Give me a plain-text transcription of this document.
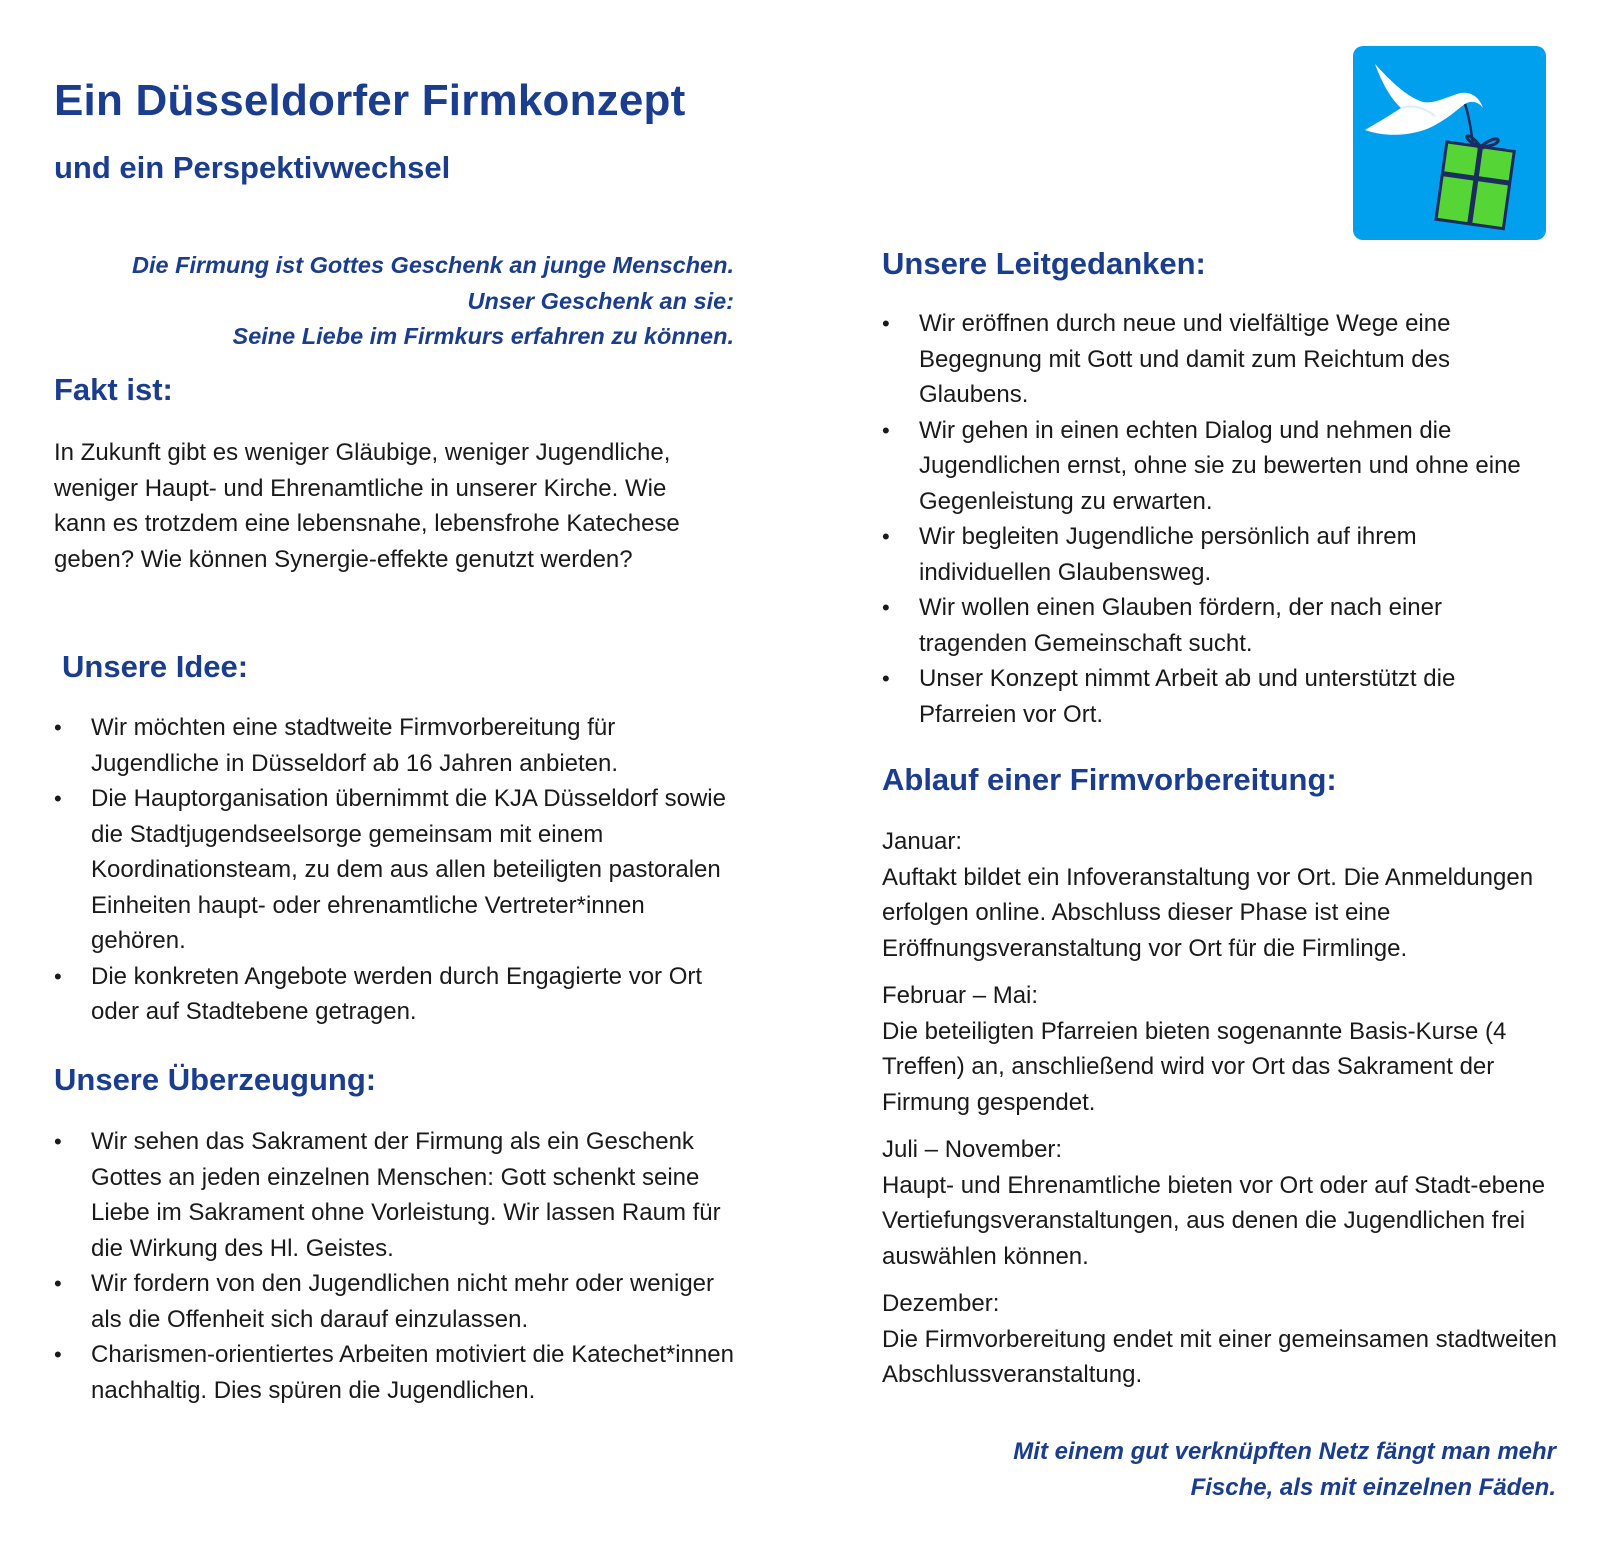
Ein Düsseldorfer Firmkonzept
und ein Perspektivwechsel
Die Firmung ist Gottes Geschenk an junge Menschen.
Unser Geschenk an sie:
Seine Liebe im Firmkurs erfahren zu können.
Fakt ist:

In Zukunft gibt es weniger Gläubige, weniger Jugendliche, weniger Haupt- und Ehrenamtliche in unserer Kirche. Wie kann es trotzdem eine lebensnahe, lebensfrohe Katechese geben? Wie können Synergie-effekte genutzt werden?

Unsere Idee:
• Wir möchten eine stadtweite Firmvorbereitung für Jugendliche in Düsseldorf ab 16 Jahren anbieten.
• Die Hauptorganisation übernimmt die KJA Düsseldorf sowie die Stadtjugendseelsorge gemeinsam mit einem Koordinationsteam, zu dem aus allen beteiligten pastoralen Einheiten haupt- oder ehrenamtliche Vertreter*innen gehören.
• Die konkreten Angebote werden durch Engagierte vor Ort oder auf Stadtebene getragen.
Unsere Überzeugung:
• Wir sehen das Sakrament der Firmung als ein Geschenk Gottes an jeden einzelnen Menschen: Gott schenkt seine Liebe im Sakrament ohne Vorleistung. Wir lassen Raum für die Wirkung des Hl. Geistes.
• Wir fordern von den Jugendlichen nicht mehr oder weniger als die Offenheit sich darauf einzulassen.
• Charismen-orientiertes Arbeiten motiviert die Katechet*innen nachhaltig. Dies spüren die Jugendlichen.
Unsere Leitgedanken:
• Wir eröffnen durch neue und vielfältige Wege eine Begegnung mit Gott und damit zum Reichtum des Glaubens.
• Wir gehen in einen echten Dialog und nehmen die Jugendlichen ernst, ohne sie zu bewerten und ohne eine Gegenleistung zu erwarten.
• Wir begleiten Jugendliche persönlich auf ihrem individuellen Glaubensweg.
• Wir wollen einen Glauben fördern, der nach einer tragenden Gemeinschaft sucht.
• Unser Konzept nimmt Arbeit ab und unterstützt die Pfarreien vor Ort.
Ablauf einer Firmvorbereitung:
Januar:
Auftakt bildet ein Infoveranstaltung vor Ort. Die Anmeldungen erfolgen online. Abschluss dieser Phase ist eine Eröffnungsveranstaltung vor Ort für die Firmlinge.
Februar – Mai:
Die beteiligten Pfarreien bieten sogenannte Basis-Kurse (4 Treffen) an, anschließend wird vor Ort das Sakrament der Firmung gespendet.
Juli – November:
Haupt- und Ehrenamtliche bieten vor Ort oder auf Stadt-ebene Vertiefungsveranstaltungen, aus denen die Jugendlichen frei auswählen können.
Dezember:
Die Firmvorbereitung endet mit einer gemeinsamen stadtweiten Abschlussveranstaltung.
Mit einem gut verknüpften Netz fängt man mehr
Fische, als mit einzelnen Fäden.
